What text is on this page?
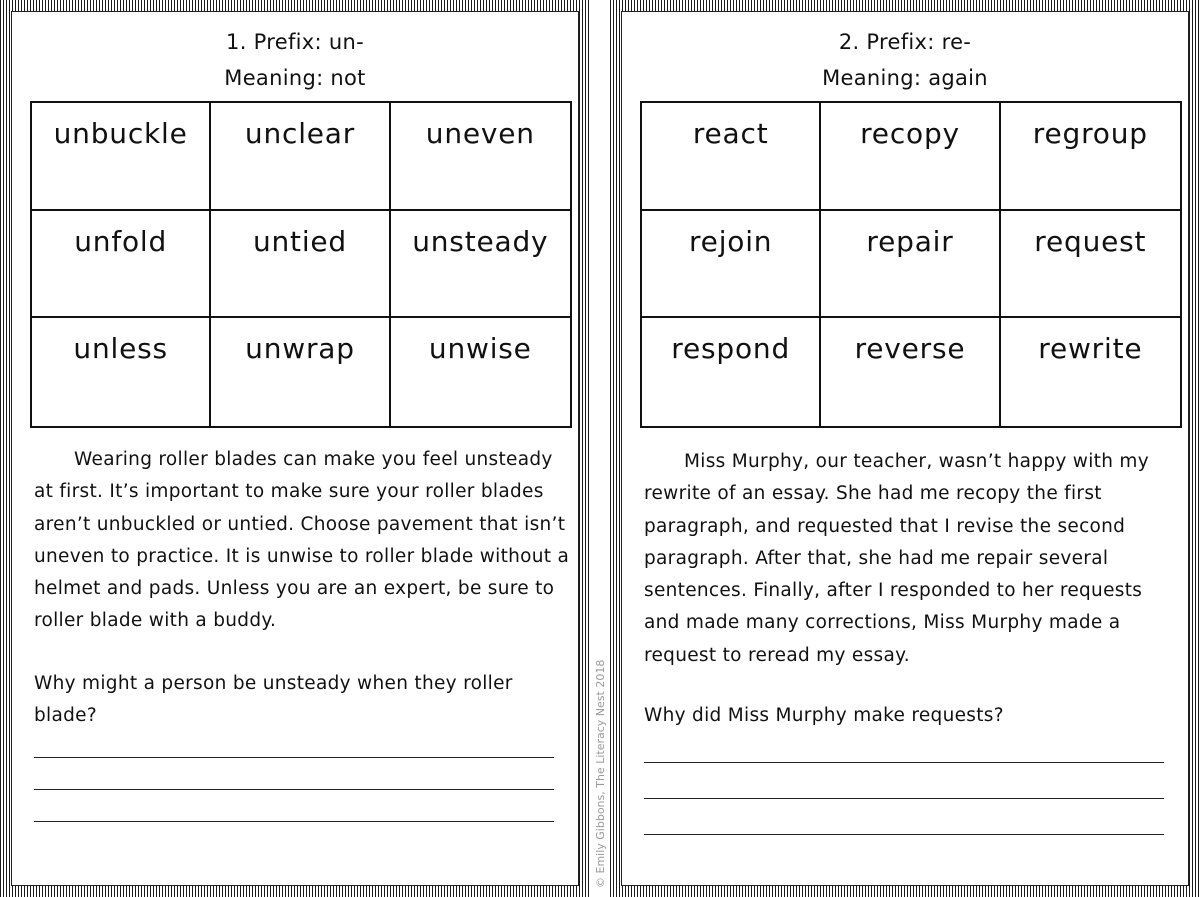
1. Prefix: un-
Meaning: not
unbuckle	unclear	uneven
unfold	untied	unsteady
unless	unwrap	unwise

Wearing roller blades can make you feel unsteady at first. It’s important to make sure your roller blades aren’t unbuckled or untied. Choose pavement that isn’t uneven to practice. It is unwise to roller blade without a helmet and pads. Unless you are an expert, be sure to roller blade with a buddy.

Why might a person be unsteady when they roller blade?
2. Prefix: re-
Meaning: again
react	recopy	regroup
rejoin	repair	request
respond	reverse	rewrite

Miss Murphy, our teacher, wasn’t happy with my rewrite of an essay. She had me recopy the first paragraph, and requested that I revise the second paragraph. After that, she had me repair several sentences. Finally, after I responded to her requests and made many corrections, Miss Murphy made a request to reread my essay.

Why did Miss Murphy make requests?
© Emily Gibbons, The Literacy Nest 2018
